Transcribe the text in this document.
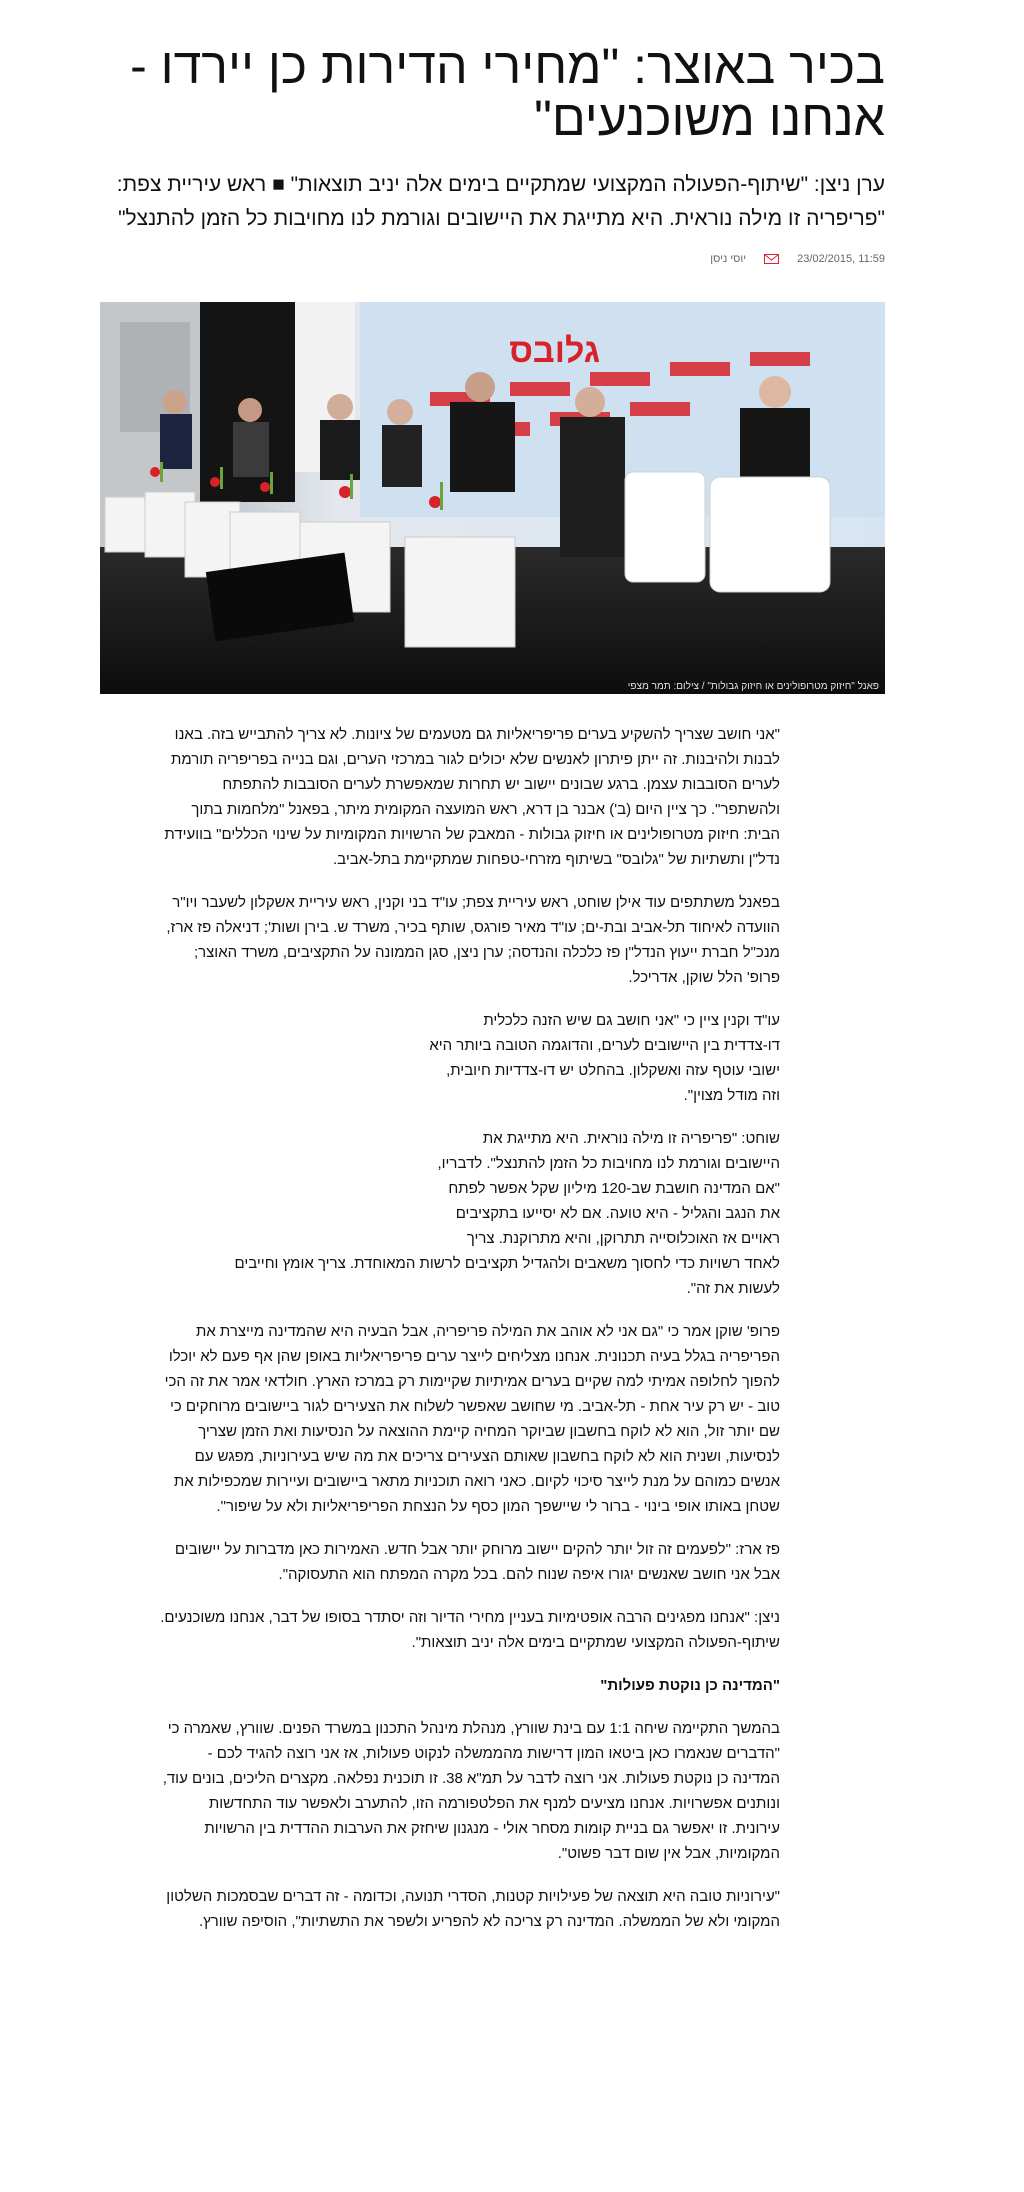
בכיר באוצר: "מחירי הדירות כן יירדו - אנחנו משוכנעים"
ערן ניצן: "שיתוף-הפעולה המקצועי שמתקיים בימים אלה יניב תוצאות" ■ ראש עיריית צפת: "פריפריה זו מילה נוראית. היא מתייגת את היישובים וגורמת לנו מחויבות כל הזמן להתנצל"
11:59 ,23/02/2015
יוסי ניסן
גלובס
פאנל "חיזוק מטרופולינים או חיזוק גבולות" / צילום: תמר מצפי

"אני חושב שצריך להשקיע בערים פריפריאליות גם מטעמים של ציונות. לא צריך להתבייש בזה. באנו לבנות ולהיבנות. זה ייתן פיתרון לאנשים שלא יכולים לגור במרכזי הערים, וגם בנייה בפריפריה תורמת לערים הסובבות עצמן. ברגע שבונים יישוב יש תחרות שמאפשרת לערים הסובבות להתפתח ולהשתפר". כך ציין היום (ב') אבנר בן דרא, ראש המועצה המקומית מיתר, בפאנל "מלחמות בתוך הבית: חיזוק מטרופולינים או חיזוק גבולות - המאבק של הרשויות המקומיות על שינוי הכללים" בוועידת נדל"ן ותשתיות של "גלובס" בשיתוף מזרחי-טפחות שמתקיימת בתל-אביב.

בפאנל משתתפים עוד אילן שוחט, ראש עיריית צפת; עו"ד בני וקנין, ראש עיריית אשקלון לשעבר ויו"ר הוועדה לאיחוד תל-אביב ובת-ים; עו"ד מאיר פורגס, שותף בכיר, משרד ש. בירן ושות'; דניאלה פז ארז, מנכ"ל חברת ייעוץ הנדל"ן פז כלכלה והנדסה; ערן ניצן, סגן הממונה על התקציבים, משרד האוצר; פרופ' הלל שוקן, אדריכל.

עו"ד וקנין ציין כי "אני חושב גם שיש הזנה כלכלית
דו-צדדית בין היישובים לערים, והדוגמה הטובה ביותר היא
ישובי עוטף עזה ואשקלון. בהחלט יש דו-צדדיות חיובית,
וזה מודל מצוין".

שוחט: "פריפריה זו מילה נוראית. היא מתייגת את
היישובים וגורמת לנו מחויבות כל הזמן להתנצל". לדבריו,
"אם המדינה חושבת שב-120 מיליון שקל אפשר לפתח
את הנגב והגליל - היא טועה. אם לא יסייעו בתקציבים
ראויים אז האוכלוסייה תתרוקן, והיא מתרוקנת. צריך
לאחד רשויות כדי לחסוך משאבים ולהגדיל תקציבים לרשות המאוחדת. צריך אומץ וחייבים
לעשות את זה".

פרופ' שוקן אמר כי "גם אני לא אוהב את המילה פריפריה, אבל הבעיה היא שהמדינה מייצרת את הפריפריה בגלל בעיה תכנונית. אנחנו מצליחים לייצר ערים פריפריאליות באופן שהן אף פעם לא יוכלו להפוך לחלופה אמיתי למה שקיים בערים אמיתיות שקיימות רק במרכז הארץ. חולדאי אמר את זה הכי טוב - יש רק עיר אחת - תל-אביב. מי שחושב שאפשר לשלוח את הצעירים לגור ביישובים מרוחקים כי שם יותר זול, הוא לא לוקח בחשבון שביוקר המחיה קיימת ההוצאה על הנסיעות ואת הזמן שצריך לנסיעות, ושנית הוא לא לוקח בחשבון שאותם הצעירים צריכים את מה שיש בעירוניות, מפגש עם אנשים כמוהם על מנת לייצר סיכוי לקיום. כאני רואה תוכניות מתאר ביישובים ועיירות שמכפילות את שטחן באותו אופי בינוי - ברור לי שיישפך המון כסף על הנצחת הפריפריאליות ולא על שיפור".

פז ארז: "לפעמים זה זול יותר להקים יישוב מרוחק יותר אבל חדש. האמירות כאן מדברות על יישובים אבל אני חושב שאנשים יגורו איפה שנוח להם. בכל מקרה המפתח הוא התעסוקה".

ניצן: "אנחנו מפגינים הרבה אופטימיות בעניין מחירי הדיור וזה יסתדר בסופו של דבר, אנחנו משוכנעים. שיתוף-הפעולה המקצועי שמתקיים בימים אלה יניב תוצאות".

"המדינה כן נוקטת פעולות"

בהמשך התקיימה שיחה 1:1 עם בינת שוורץ, מנהלת מינהל התכנון במשרד הפנים. שוורץ, שאמרה כי "הדברים שנאמרו כאן ביטאו המון דרישות מהממשלה לנקוט פעולות, אז אני רוצה להגיד לכם - המדינה כן נוקטת פעולות. אני רוצה לדבר על תמ"א 38. זו תוכנית נפלאה. מקצרים הליכים, בונים עוד, ונותנים אפשרויות. אנחנו מציעים למנף את הפלטפורמה הזו, להתערב ולאפשר עוד התחדשות עירונית. זו יאפשר גם בניית קומות מסחר אולי - מנגנון שיחזק את הערבות ההדדית בין הרשויות המקומיות, אבל אין שום דבר פשוט".

"עירוניות טובה היא תוצאה של פעילויות קטנות, הסדרי תנועה, וכדומה - זה דברים שבסמכות השלטון המקומי ולא של הממשלה. המדינה רק צריכה לא להפריע ולשפר את התשתיות", הוסיפה שוורץ.
